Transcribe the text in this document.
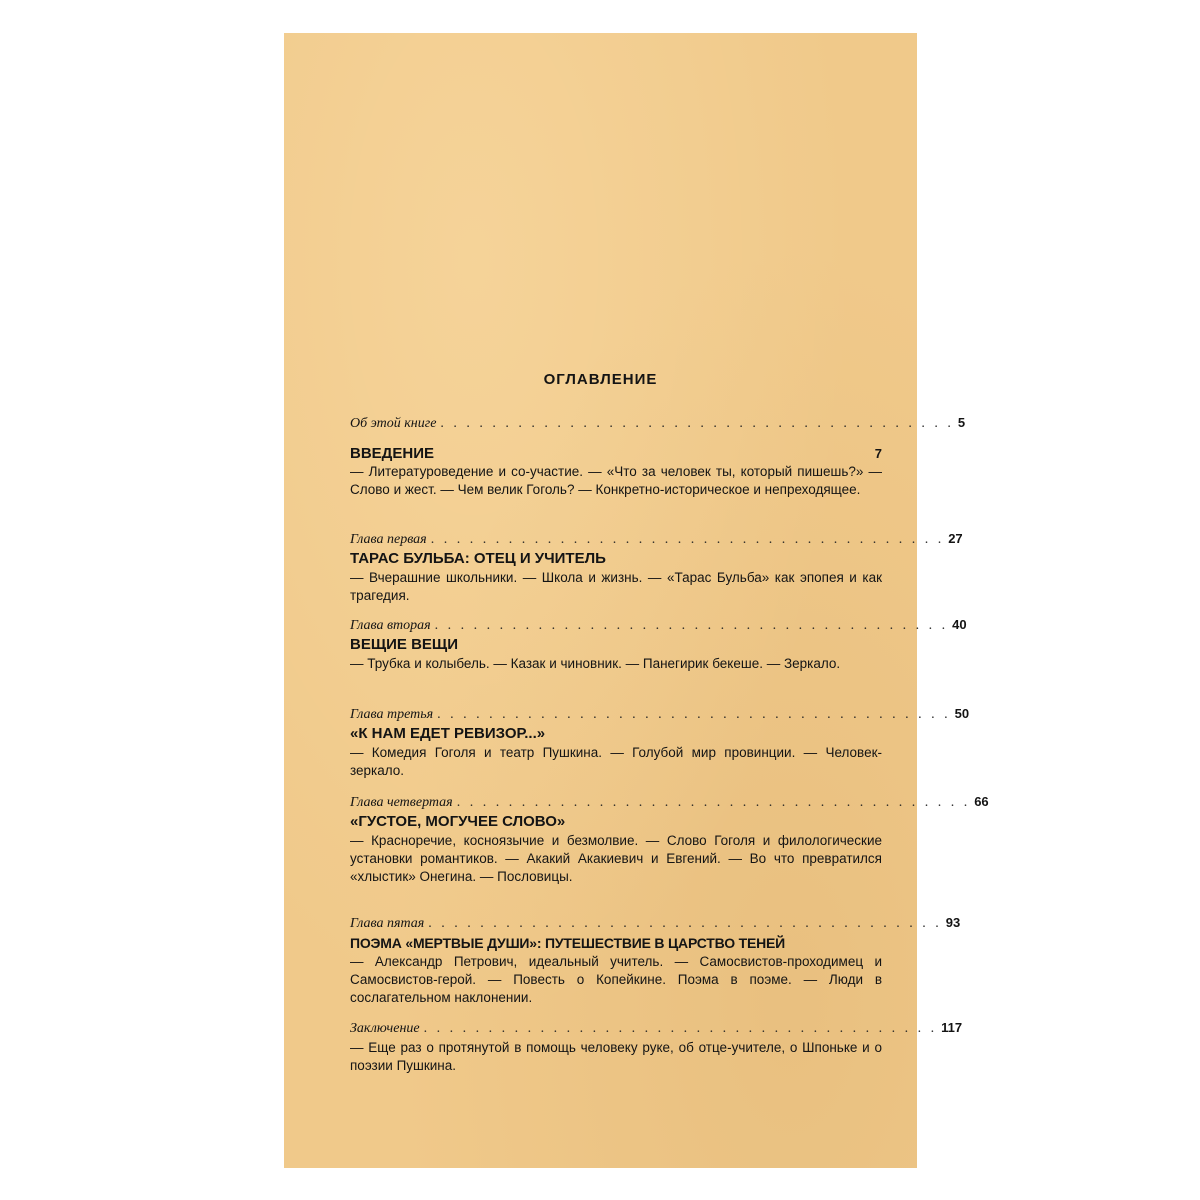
ОГЛАВЛЕНИЕ
Об этой книге . . . . . . . . . . . . . . . . . . . . . . . . . . . . . . . . . . . . . . . . 5
ВВЕДЕНИЕ	7
— Литературоведение и со-участие. — «Что за человек ты, который пишешь?» — Слово и жест. — Чем велик Гоголь? — Конкретно-историческое и непреходящее.
Глава первая . . . . . . . . . . . . . . . . . . . . . . . . . . . . . . . . . . . . . . . . 27
ТАРАС БУЛЬБА: ОТЕЦ И УЧИТЕЛЬ
— Вчерашние школьники. — Школа и жизнь. — «Тарас Бульба» как эпопея и как трагедия.
Глава вторая . . . . . . . . . . . . . . . . . . . . . . . . . . . . . . . . . . . . . . . . 40
ВЕЩИЕ ВЕЩИ
— Трубка и колыбель. — Казак и чиновник. — Панегирик бекеше. — Зеркало.
Глава третья . . . . . . . . . . . . . . . . . . . . . . . . . . . . . . . . . . . . . . . . 50
«К НАМ ЕДЕТ РЕВИЗОР...»
— Комедия Гоголя и театр Пушкина. — Голубой мир провинции. — Человек-зеркало.
Глава четвертая . . . . . . . . . . . . . . . . . . . . . . . . . . . . . . . . . . . . . . . . 66
«ГУСТОЕ, МОГУЧЕЕ СЛОВО»
— Красноречие, косноязычие и безмолвие. — Слово Гоголя и филологические установки романтиков. — Акакий Акакиевич и Евгений. — Во что превратился «хлыстик» Онегина. — Пословицы.
Глава пятая . . . . . . . . . . . . . . . . . . . . . . . . . . . . . . . . . . . . . . . . 93
ПОЭМА «МЕРТВЫЕ ДУШИ»: ПУТЕШЕСТВИЕ В ЦАРСТВО ТЕНЕЙ
— Александр Петрович, идеальный учитель. — Самосвистов-проходимец и Самосвистов-герой. — Повесть о Копейкине. Поэма в поэме. — Люди в сослагательном наклонении.
Заключение . . . . . . . . . . . . . . . . . . . . . . . . . . . . . . . . . . . . . . . . 117
— Еще раз о протянутой в помощь человеку руке, об отце-учителе, о Шпоньке и о поэзии Пушкина.
